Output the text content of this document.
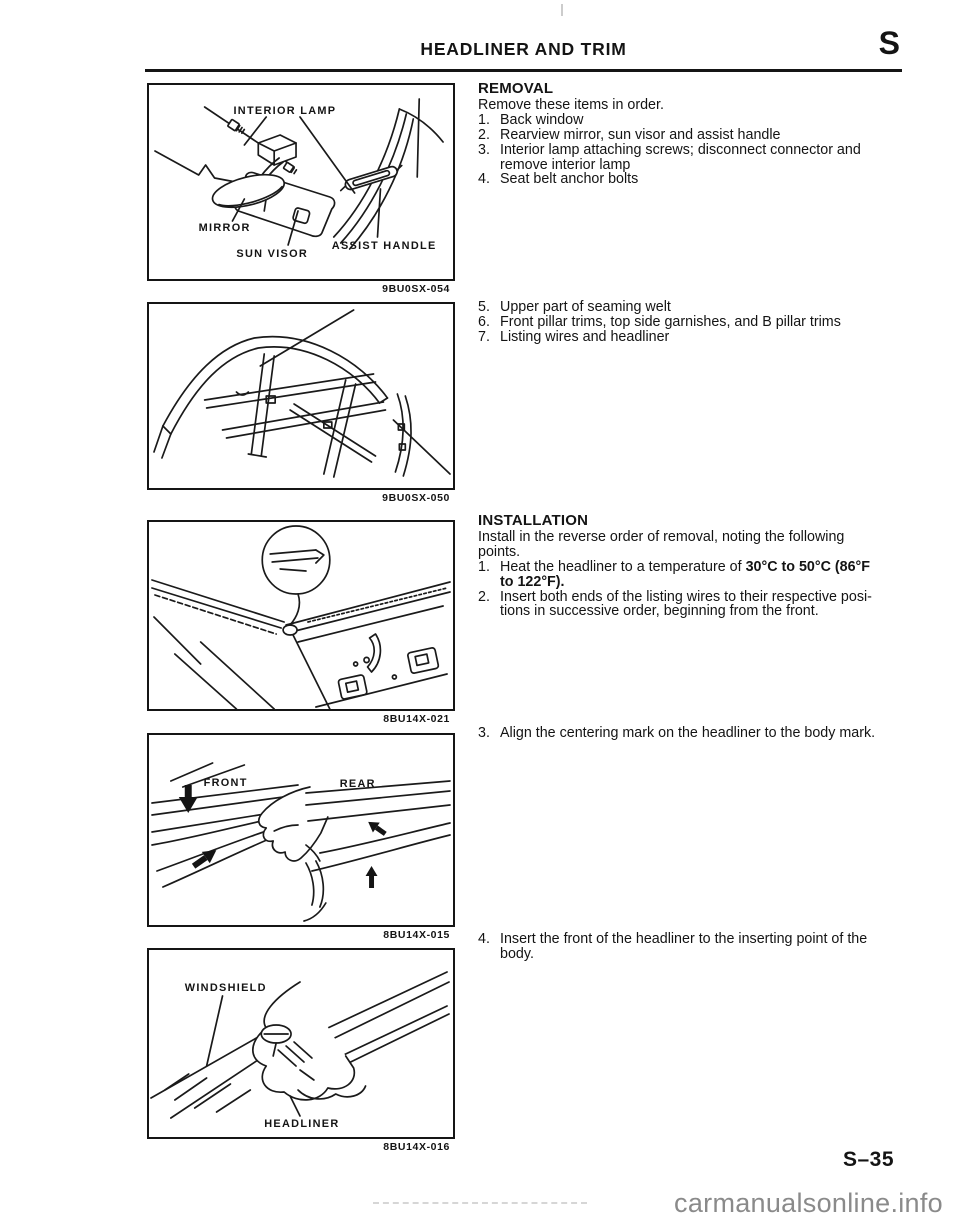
HEADLINER AND TRIM	S
INTERIOR LAMP
MIRROR
SUN VISOR
ASSIST HANDLE
9BU0SX-054
9BU0SX-050
8BU14X-021
FRONT	REAR
8BU14X-015
WINDSHIELD
HEADLINER
8BU14X-016
REMOVAL
Remove these items in order.
1. Back window
2. Rearview mirror, sun visor and assist handle
3. Interior lamp attaching screws; disconnect connector and
remove interior lamp
4. Seat belt anchor bolts
5. Upper part of seaming welt
6. Front pillar trims, top side garnishes, and B pillar trims
7. Listing wires and headliner
INSTALLATION
Install in the reverse order of removal, noting the following
points.
1. Heat the headliner to a temperature of 30°C to 50°C (86°F
to 122°F).
2. Insert both ends of the listing wires to their respective posi-
tions in successive order, beginning from the front.
3. Align the centering mark on the headliner to the body mark.
4. Insert the front of the headliner to the inserting point of the
body.
S–35
carmanualsonline.info
